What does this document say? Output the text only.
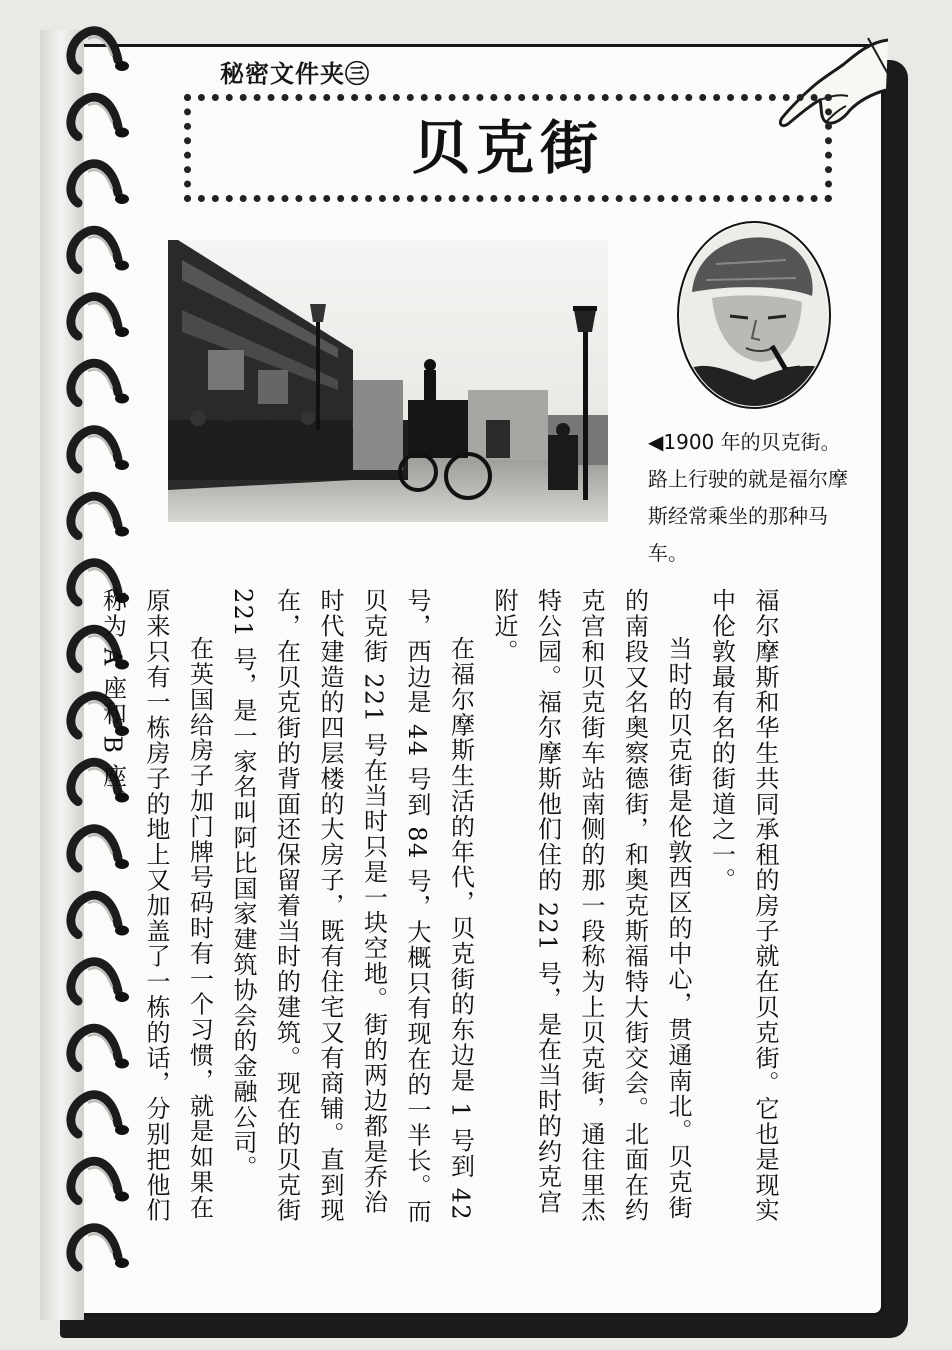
秘密文件夹㊂
贝克街
◀1900 年的贝克街。路上行驶的就是福尔摩斯经常乘坐的那种马车。

福尔摩斯和华生共同承租的房子就在贝克街。它也是现实中伦敦最有名的街道之一。

当时的贝克街是伦敦西区的中心，贯通南北。贝克街的南段又名奥察德街，和奥克斯福特大街交会。北面在约克宫和贝克街车站南侧的那一段称为上贝克街，通往里杰特公园。福尔摩斯他们住的 221 号，是在当时的约克宫附近。

在福尔摩斯生活的年代，贝克街的东边是 1 号到 42 号，西边是 44 号到 84 号，大概只有现在的一半长。而贝克街 221 号在当时只是一块空地。街的两边都是乔治时代建造的四层楼的大房子，既有住宅又有商铺。直到现在，在贝克街的背面还保留着当时的建筑。现在的贝克街 221 号，是一家名叫阿比国家建筑协会的金融公司。

在英国给房子加门牌号码时有一个习惯，就是如果在原来只有一栋房子的地上又加盖了一栋的话，分别把他们称为 A 座和 B 座。
